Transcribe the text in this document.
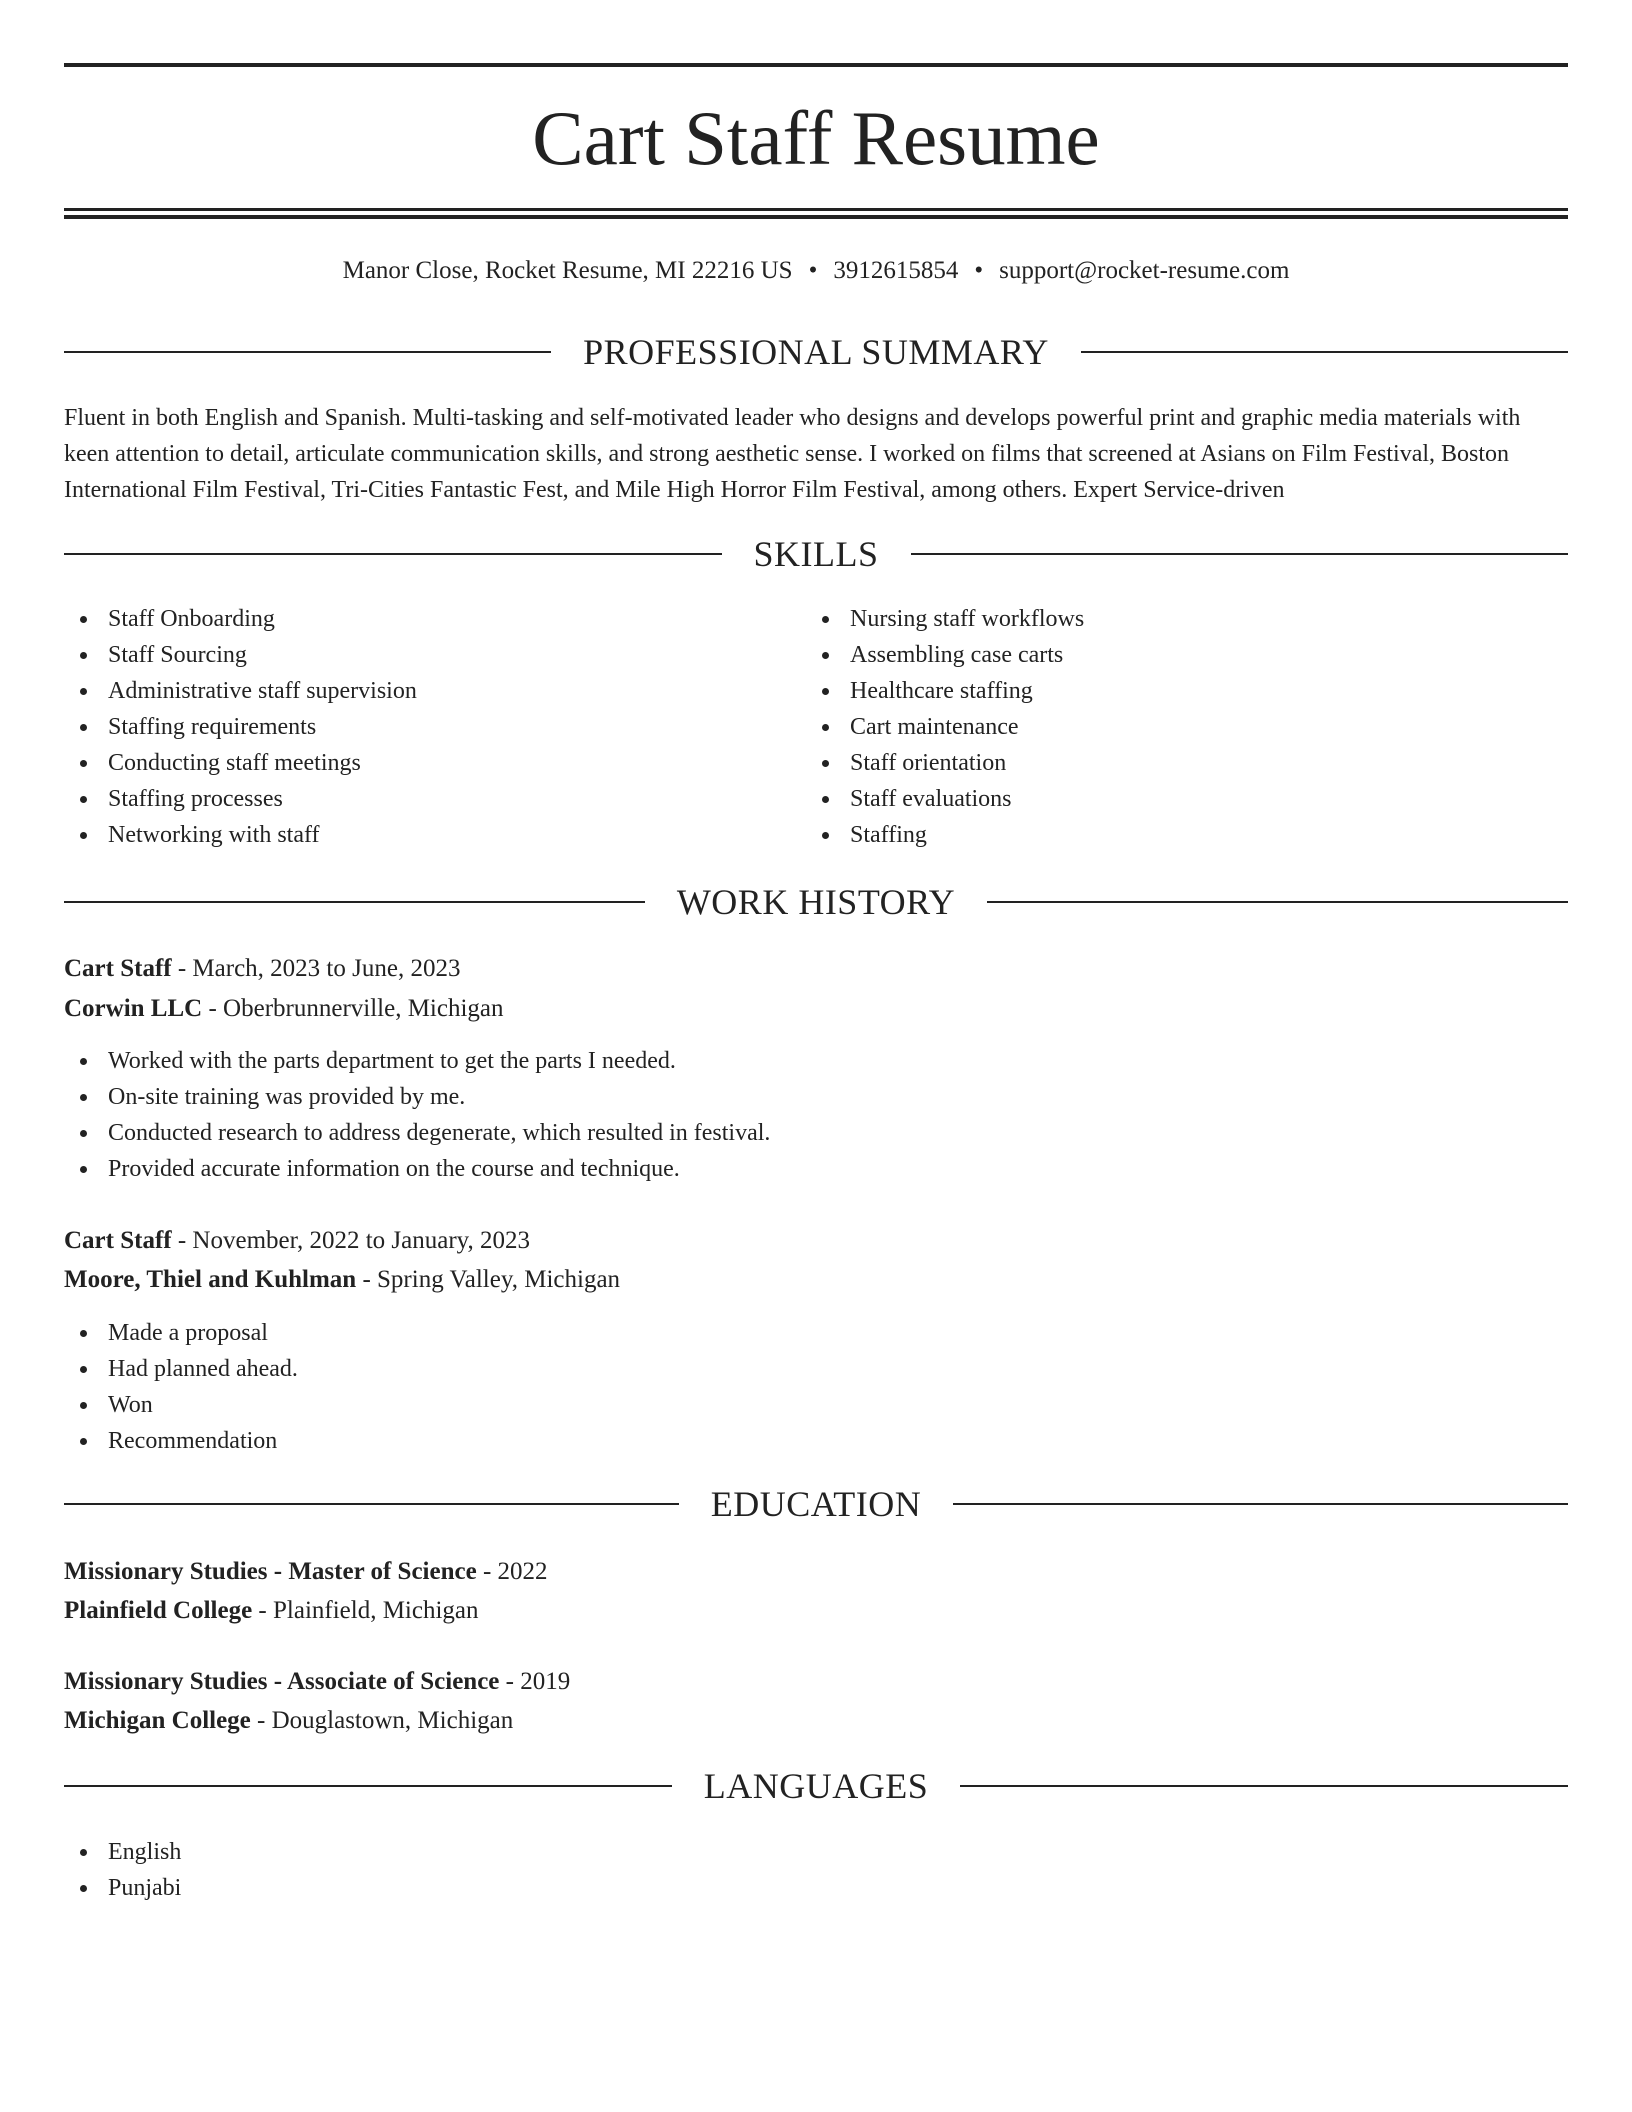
Cart Staff Resume
Manor Close, Rocket Resume, MI 22216 US • 3912615854 • support@rocket-resume.com
PROFESSIONAL SUMMARY

Fluent in both English and Spanish. Multi-tasking and self-motivated leader who designs and develops powerful print and graphic media materials with keen attention to detail, articulate communication skills, and strong aesthetic sense. I worked on films that screened at Asians on Film Festival, Boston International Film Festival, Tri-Cities Fantastic Fest, and Mile High Horror Film Festival, among others. Expert Service-driven

SKILLS
Staff Onboarding
Staff Sourcing
Administrative staff supervision
Staffing requirements
Conducting staff meetings
Staffing processes
Networking with staff
Nursing staff workflows
Assembling case carts
Healthcare staffing
Cart maintenance
Staff orientation
Staff evaluations
Staffing
WORK HISTORY
Cart Staff - March, 2023 to June, 2023
Corwin LLC - Oberbrunnerville, Michigan
Worked with the parts department to get the parts I needed.
On-site training was provided by me.
Conducted research to address degenerate, which resulted in festival.
Provided accurate information on the course and technique.
Cart Staff - November, 2022 to January, 2023
Moore, Thiel and Kuhlman - Spring Valley, Michigan
Made a proposal
Had planned ahead.
Won
Recommendation
EDUCATION
Missionary Studies - Master of Science - 2022
Plainfield College - Plainfield, Michigan
Missionary Studies - Associate of Science - 2019
Michigan College - Douglastown, Michigan
LANGUAGES
English
Punjabi
